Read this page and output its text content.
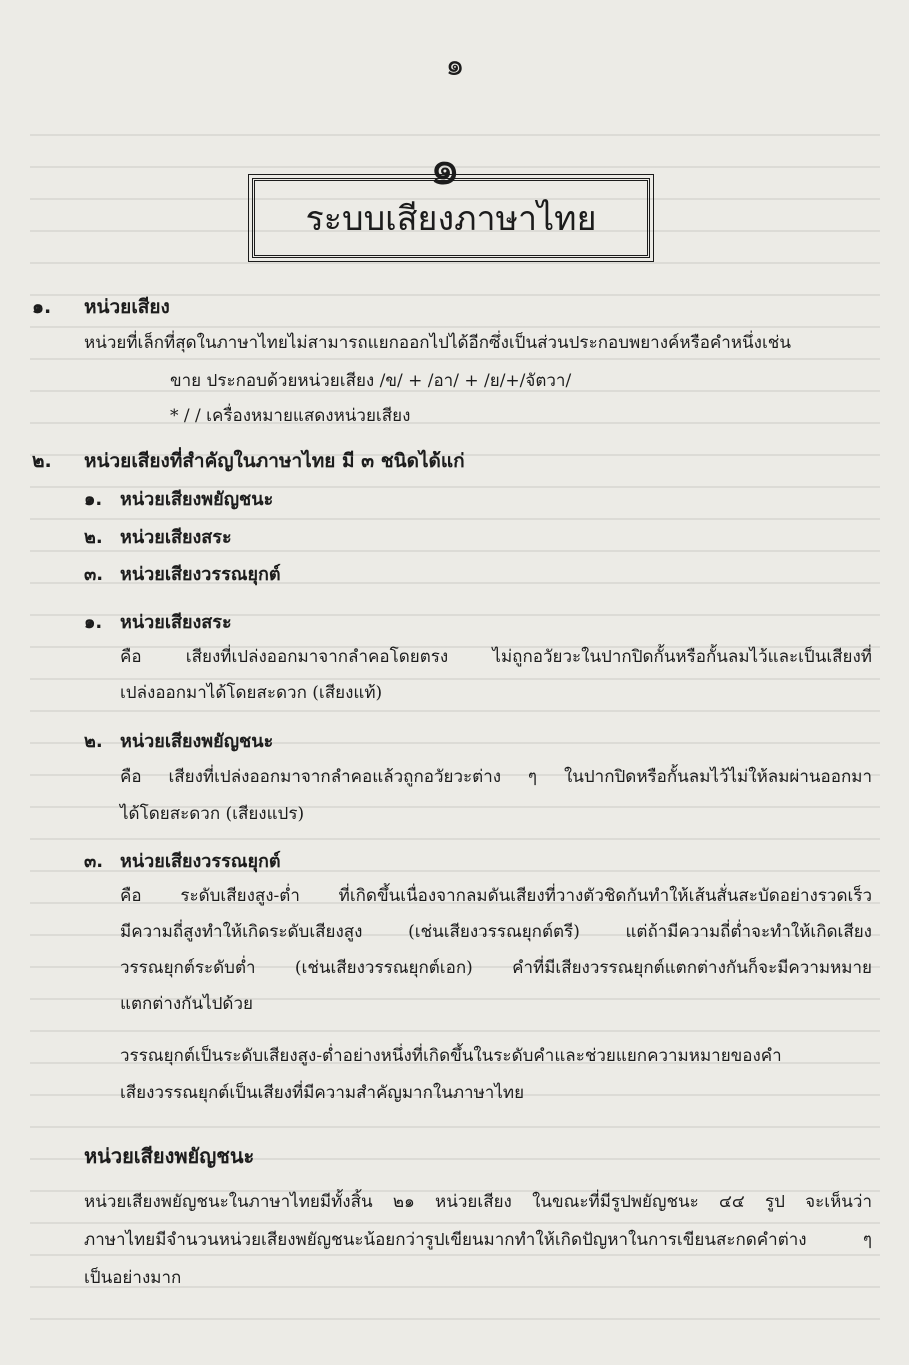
๑
๑
ระบบเสียงภาษาไทย
๑. หน่วยเสียง
หน่วยที่เล็กที่สุดในภาษาไทยไม่สามารถแยกออกไปได้อีกซึ่งเป็นส่วนประกอบพยางค์หรือคำหนึ่งเช่น
ขาย ประกอบด้วยหน่วยเสียง /ข/ + /อา/ + /ย/+/จัตวา/
* / / เครื่องหมายแสดงหน่วยเสียง
๒. หน่วยเสียงที่สำคัญในภาษาไทย มี ๓ ชนิดได้แก่
๑. หน่วยเสียงพยัญชนะ
๒. หน่วยเสียงสระ
๓. หน่วยเสียงวรรณยุกต์
๑. หน่วยเสียงสระ
คือ เสียงที่เปล่งออกมาจากลำคอโดยตรง ไม่ถูกอวัยวะในปากปิดกั้นหรือกั้นลมไว้และเป็นเสียงที่
เปล่งออกมาได้โดยสะดวก (เสียงแท้)
๒. หน่วยเสียงพยัญชนะ
คือ เสียงที่เปล่งออกมาจากลำคอแล้วถูกอวัยวะต่าง ๆ ในปากปิดหรือกั้นลมไว้ไม่ให้ลมผ่านออกมา
ได้โดยสะดวก (เสียงแปร)
๓. หน่วยเสียงวรรณยุกต์
คือ ระดับเสียงสูง-ต่ำ ที่เกิดขึ้นเนื่องจากลมดันเสียงที่วางตัวชิดกันทำให้เส้นสั่นสะบัดอย่างรวดเร็ว
มีความถี่สูงทำให้เกิดระดับเสียงสูง (เช่นเสียงวรรณยุกต์ตรี) แต่ถ้ามีความถี่ต่ำจะทำให้เกิดเสียง
วรรณยุกต์ระดับต่ำ (เช่นเสียงวรรณยุกต์เอก) คำที่มีเสียงวรรณยุกต์แตกต่างกันก็จะมีความหมาย
แตกต่างกันไปด้วย
วรรณยุกต์เป็นระดับเสียงสูง-ต่ำอย่างหนึ่งที่เกิดขึ้นในระดับคำและช่วยแยกความหมายของคำ
เสียงวรรณยุกต์เป็นเสียงที่มีความสำคัญมากในภาษาไทย
หน่วยเสียงพยัญชนะ
หน่วยเสียงพยัญชนะในภาษาไทยมีทั้งสิ้น ๒๑ หน่วยเสียง ในขณะที่มีรูปพยัญชนะ ๔๔ รูป จะเห็นว่า
ภาษาไทยมีจำนวนหน่วยเสียงพยัญชนะน้อยกว่ารูปเขียนมากทำให้เกิดปัญหาในการเขียนสะกดคำต่าง ๆ
เป็นอย่างมาก
